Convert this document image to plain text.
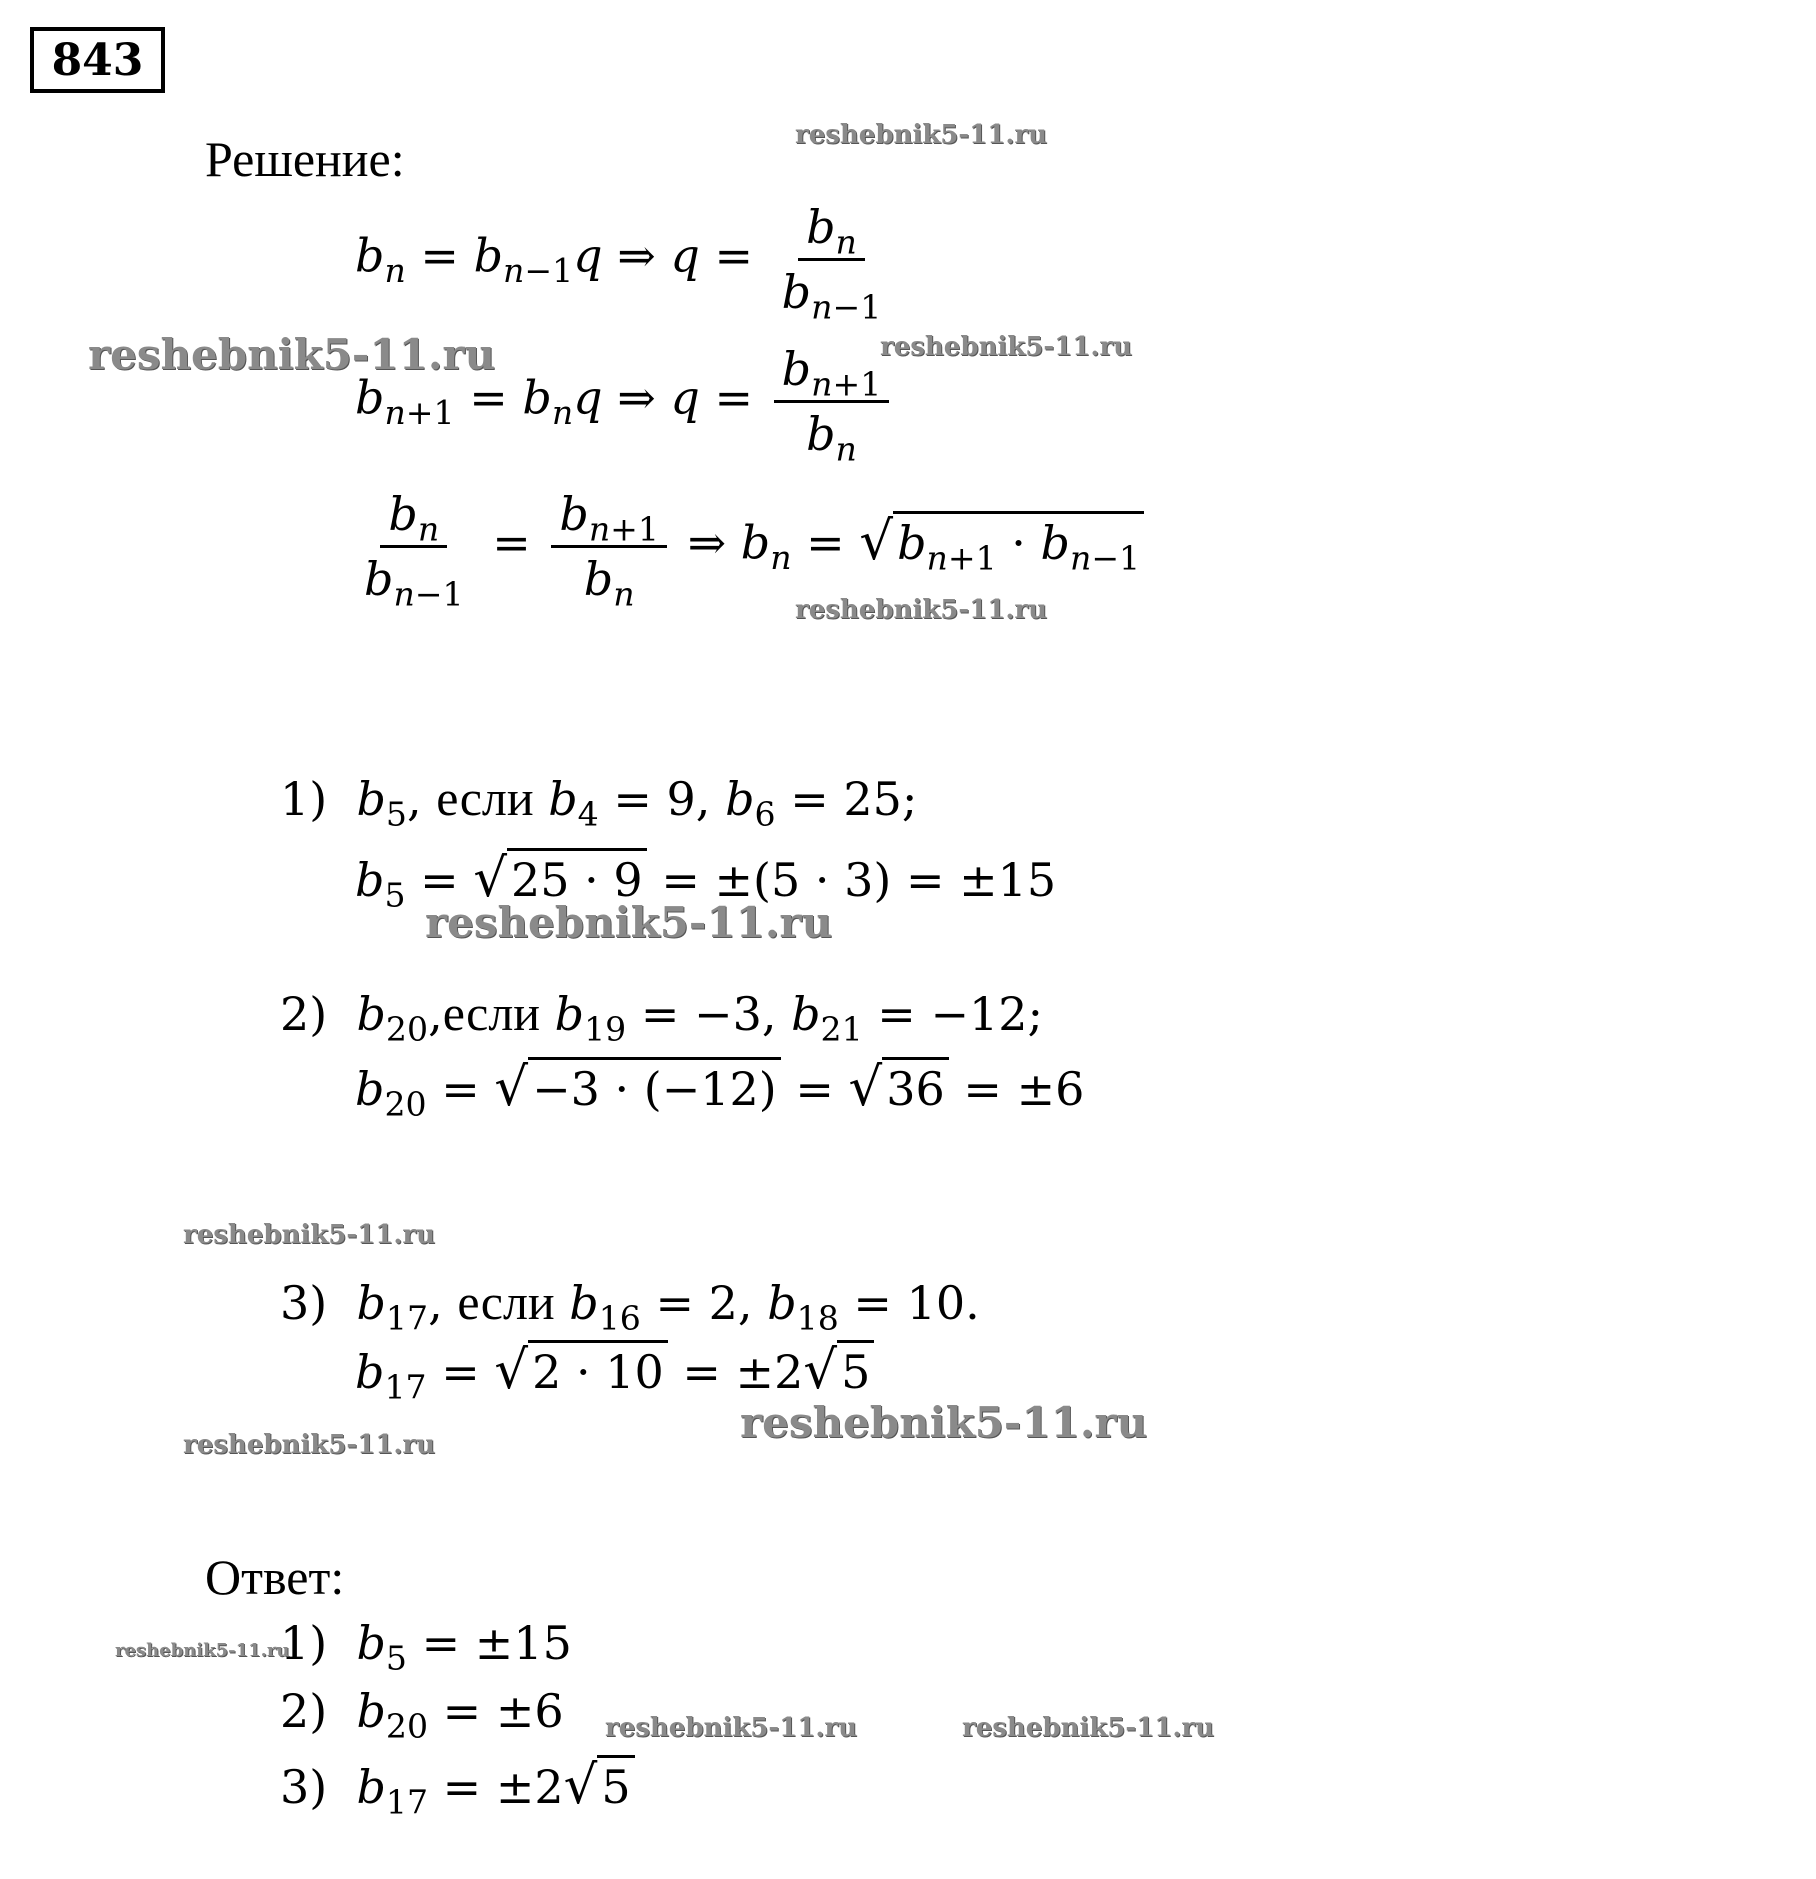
843
Решение:
$b_n = b_{n-1}q$ ⇒ $q = \frac{b_n}{b_{n-1}}$
$b_{n+1} = b_nq$ ⇒ $q = \frac{b_{n+1}}{b_n}$
$\frac{b_n}{b_{n-1}} = \frac{b_{n+1}}{b_n}$ ⇒ $b_n = √b_{n+1} \cdot b_{n-1}$
1) $b_5$, если $b_4 = 9$, $b_6 = 25$;
$b_5 = √25 \cdot 9 = \pm(5 \cdot 3) = \pm 15$
2) $b_{20},если$ $b_{19} = -3$, $b_{21} = -12$;
$b_{20} = √-3 \cdot (-12) = √36 = \pm 6$
3) $b_{17}$, если $b_{16} = 2$, $b_{18} = 10$.
$b_{17} = √2 \cdot 10 = \pm 2√5$
Ответ:
1) $b_5 = \pm 15$
2) $b_{20} = \pm 6$
3) $b_{17} = \pm 2√5$
reshebnik5-11.ru
reshebnik5-11.ru	reshebnik5-11.ru
reshebnik5-11.ru
reshebnik5-11.ru
reshebnik5-11.ru
reshebnik5-11.ru
reshebnik5-11.ru
reshebnik5-11.ru
reshebnik5-11.ru	reshebnik5-11.ru
